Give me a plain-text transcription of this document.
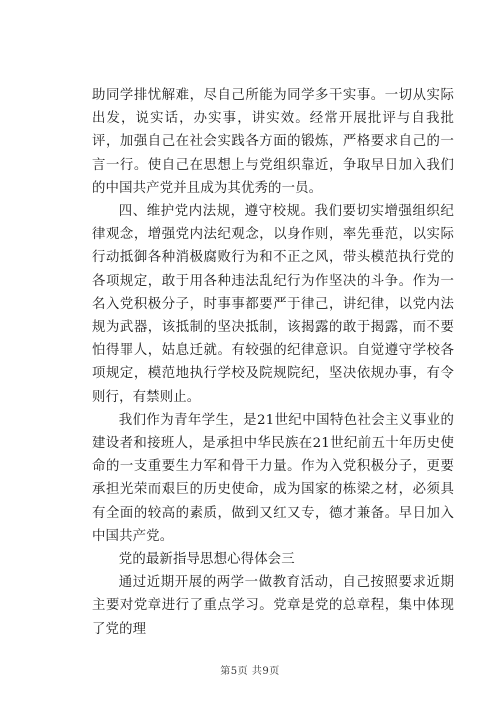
助同学排忧解难，尽自己所能为同学多干实事。一切从实际出发，说实话，办实事，讲实效。经常开展批评与自我批评，加强自己在社会实践各方面的锻炼，严格要求自己的一言一行。使自己在思想上与党组织靠近，争取早日加入我们的中国共产党并且成为其优秀的一员。

四、维护党内法规，遵守校规。我们要切实增强组织纪律观念，增强党内法纪观念，以身作则，率先垂范，以实际行动抵御各种消极腐败行为和不正之风，带头模范执行党的各项规定，敢于用各种违法乱纪行为作坚决的斗争。作为一名入党积极分子，时事事都要严于律己，讲纪律，以党内法规为武器，该抵制的坚决抵制，该揭露的敢于揭露，而不要怕得罪人，姑息迁就。有较强的纪律意识。自觉遵守学校各项规定，模范地执行学校及院规院纪，坚决依规办事，有令则行，有禁则止。

我们作为青年学生，是21世纪中国特色社会主义事业的建设者和接班人，是承担中华民族在21世纪前五十年历史使命的一支重要生力军和骨干力量。作为入党积极分子，更要承担光荣而艰巨的历史使命，成为国家的栋梁之材，必须具有全面的较高的素质，做到又红又专，德才兼备。早日加入中国共产党。

党的最新指导思想心得体会三

通过近期开展的两学一做教育活动，自己按照要求近期主要对党章进行了重点学习。党章是党的总章程，集中体现了党的理

第5页 共9页
